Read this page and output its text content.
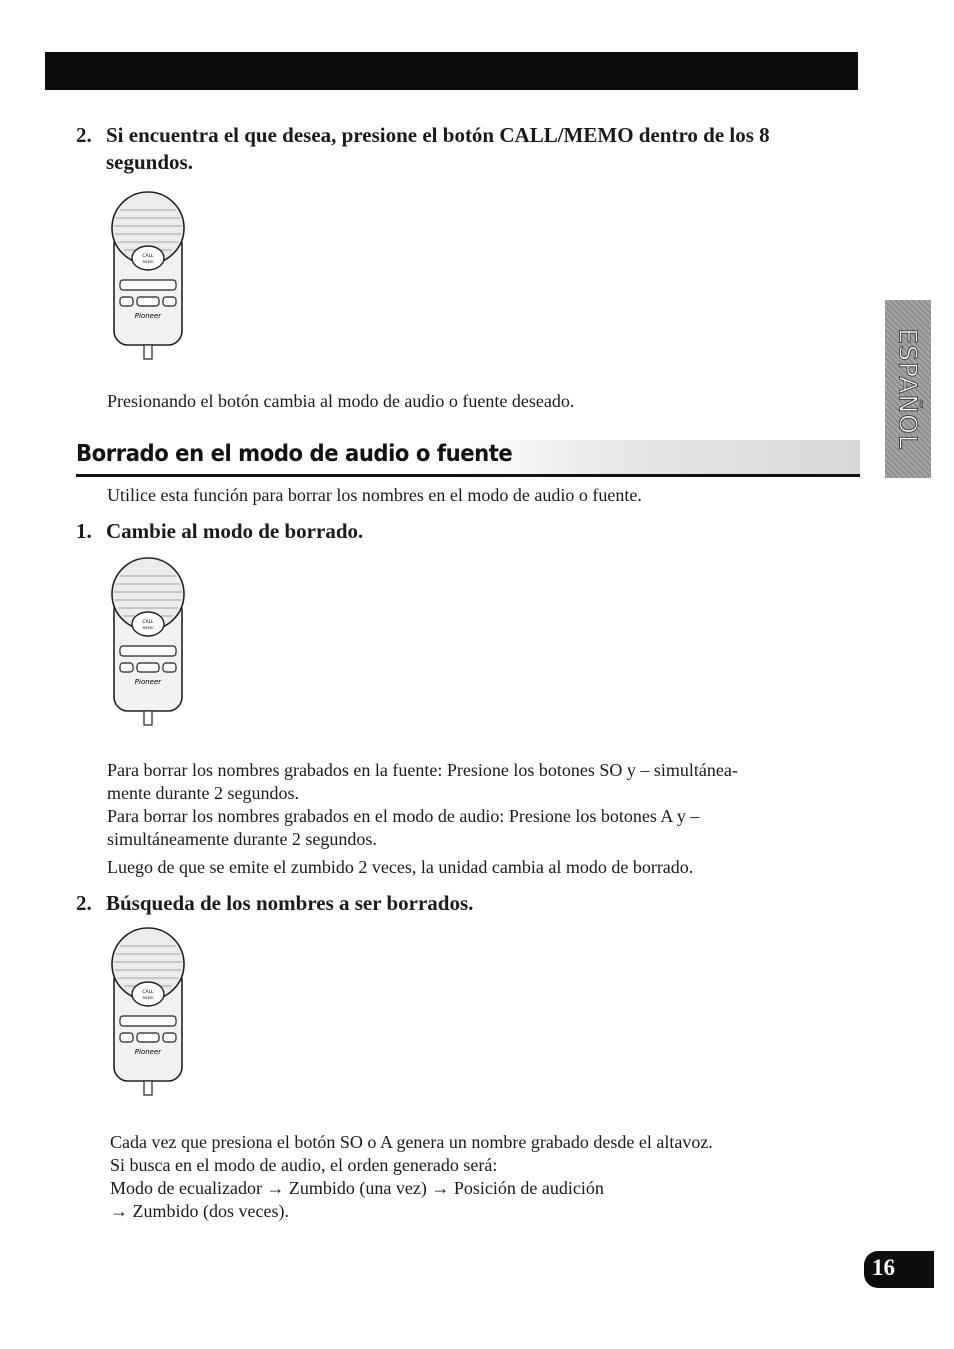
2. Si encuentra el que desea, presione el botón CALL/MEMO dentro de los 8
segundos.
CALL
MEMO
Pioneer
Presionando el botón cambia al modo de audio o fuente deseado.
Borrado en el modo de audio o fuente
Utilice esta función para borrar los nombres en el modo de audio o fuente.
1. Cambie al modo de borrado.
CALL
MEMO
Pioneer
Para borrar los nombres grabados en la fuente: Presione los botones SO y – simultánea-
mente durante 2 segundos.
Para borrar los nombres grabados en el modo de audio: Presione los botones A y –
simultáneamente durante 2 segundos.
Luego de que se emite el zumbido 2 veces, la unidad cambia al modo de borrado.
2. Búsqueda de los nombres a ser borrados.
CALL
MEMO
Pioneer
Cada vez que presiona el botón SO o A genera un nombre grabado desde el altavoz.
Si busca en el modo de audio, el orden generado será:
Modo de ecualizador → Zumbido (una vez) → Posición de audición
→ Zumbido (dos veces).
ESPAÑOL
16
